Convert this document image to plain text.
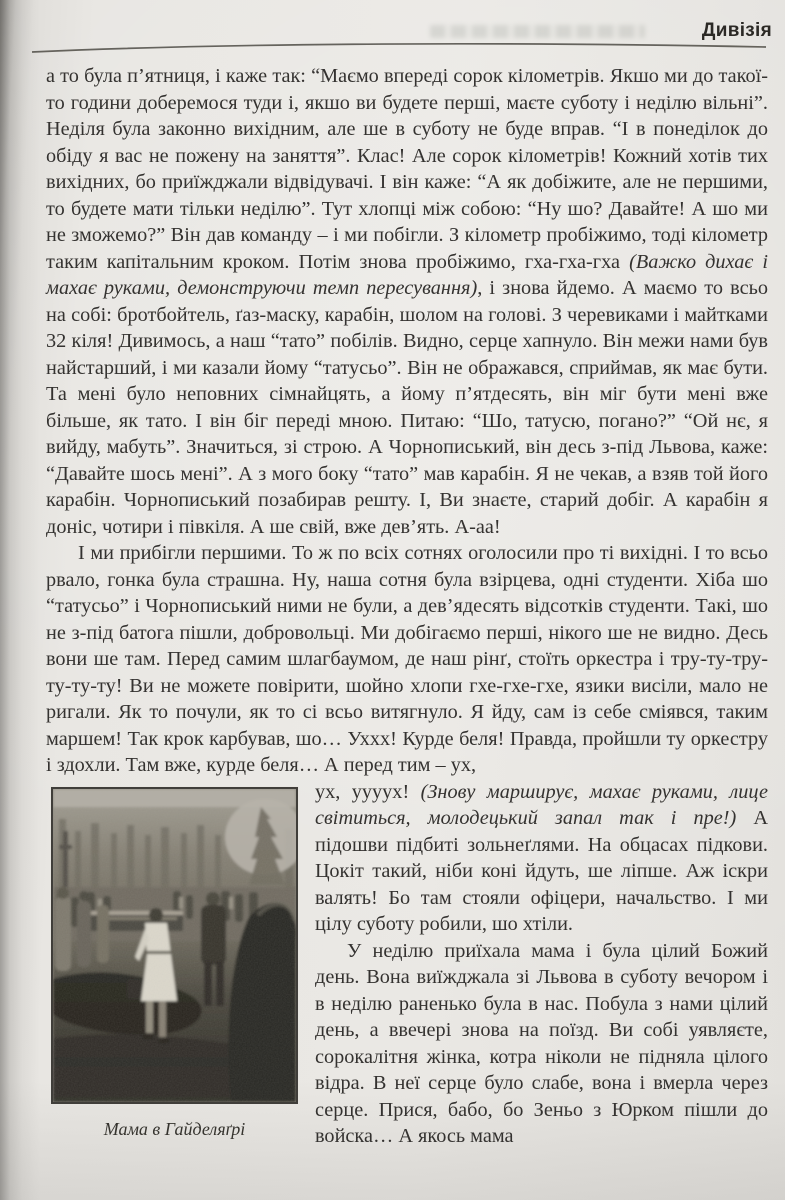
Дивізія

а то була п’ятниця, і каже так: “Маємо впереді сорок кілометрів. Якшо ми до такої-то години доберемося туди і, якшо ви будете перші, маєте суботу і неділю вільні”. Неділя була законно вихідним, але ше в суботу не буде вправ. “І в понеділок до обіду я вас не пожену на заняття”. Клас! Але сорок кілометрів! Кожний хотів тих вихідних, бо приїжджали відвідувачі. І він каже: “А як добіжите, але не першими, то будете мати тільки неділю”. Тут хлопці між собою: “Ну шо? Давайте! А шо ми не зможемо?” Він дав команду – і ми побігли. З кілометр пробіжимо, тоді кілометр таким капітальним кроком. Потім знова пробіжимо, гха-гха-гха (Важко дихає і махає руками, демонструючи темп пересування), і знова йдемо. А маємо то всьо на собі: бротбойтель, ґаз-маску, карабін, шолом на голові. З черевиками і майтками 32 кіля! Дивимось, а наш “тато” побілів. Видно, серце хапнуло. Він межи нами був найстарший, і ми казали йому “татусьо”. Він не ображався, сприймав, як має бути. Та мені було неповних сімнайцять, а йому п’ятдесять, він міг бути мені вже більше, як тато. І він біг переді мною. Питаю: “Шо, татусю, погано?” “Ой нє, я вийду, мабуть”. Значиться, зі строю. А Чорнописький, він десь з-під Львова, каже: “Давайте шось мені”. А з мого боку “тато” мав карабін. Я не чекав, а взяв той його карабін. Чорнописький позабирав решту. І, Ви знаєте, старий добіг. А карабін я доніс, чотири і півкіля. А ше свій, вже дев’ять. А-аа!

І ми прибігли першими. То ж по всіх сотнях оголосили про ті вихідні. І то всьо рвало, гонка була страшна. Ну, наша сотня була взірцева, одні студенти. Хіба шо “татусьо” і Чорнописький ними не були, а дев’ядесять відсотків студенти. Такі, шо не з-під батога пішли, добровольці. Ми добігаємо перші, нікого ше не видно. Десь вони ше там. Перед самим шлагбаумом, де наш рінґ, стоїть оркестра і тру-ту-тру-ту-ту-ту! Ви не можете повірити, шойно хлопи гхе-гхе-гхе, язики висіли, мало не ригали. Як то почули, як то сі всьо витягнуло. Я йду, сам із себе сміявся, таким маршем! Так крок карбував, шо… Уххх! Курде беля! Правда, пройшли ту оркестру і здохли. Там вже, курде беля… А перед тим – ух,

Мама в Гайделяґрі

ух, уууух! (Знову марширує, махає руками, лице світиться, молодецький запал так і пре!) А підошви підбиті зольнеґлями. На обцасах підкови. Цокіт такий, ніби коні йдуть, ше ліпше. Аж іскри валять! Бо там стояли офіцери, начальство. І ми цілу суботу робили, шо хтіли.

У неділю приїхала мама і була цілий Божий день. Вона виїжджала зі Львова в суботу вечором і в неділю раненько була в нас. Побула з нами цілий день, а ввечері знова на поїзд. Ви собі уявляєте, сорокалітня жінка, котра ніколи не підняла цілого відра. В неї серце було слабе, вона і вмерла через серце. Прися, бабо, бо Зеньо з Юрком пішли до войска… А якось мама
